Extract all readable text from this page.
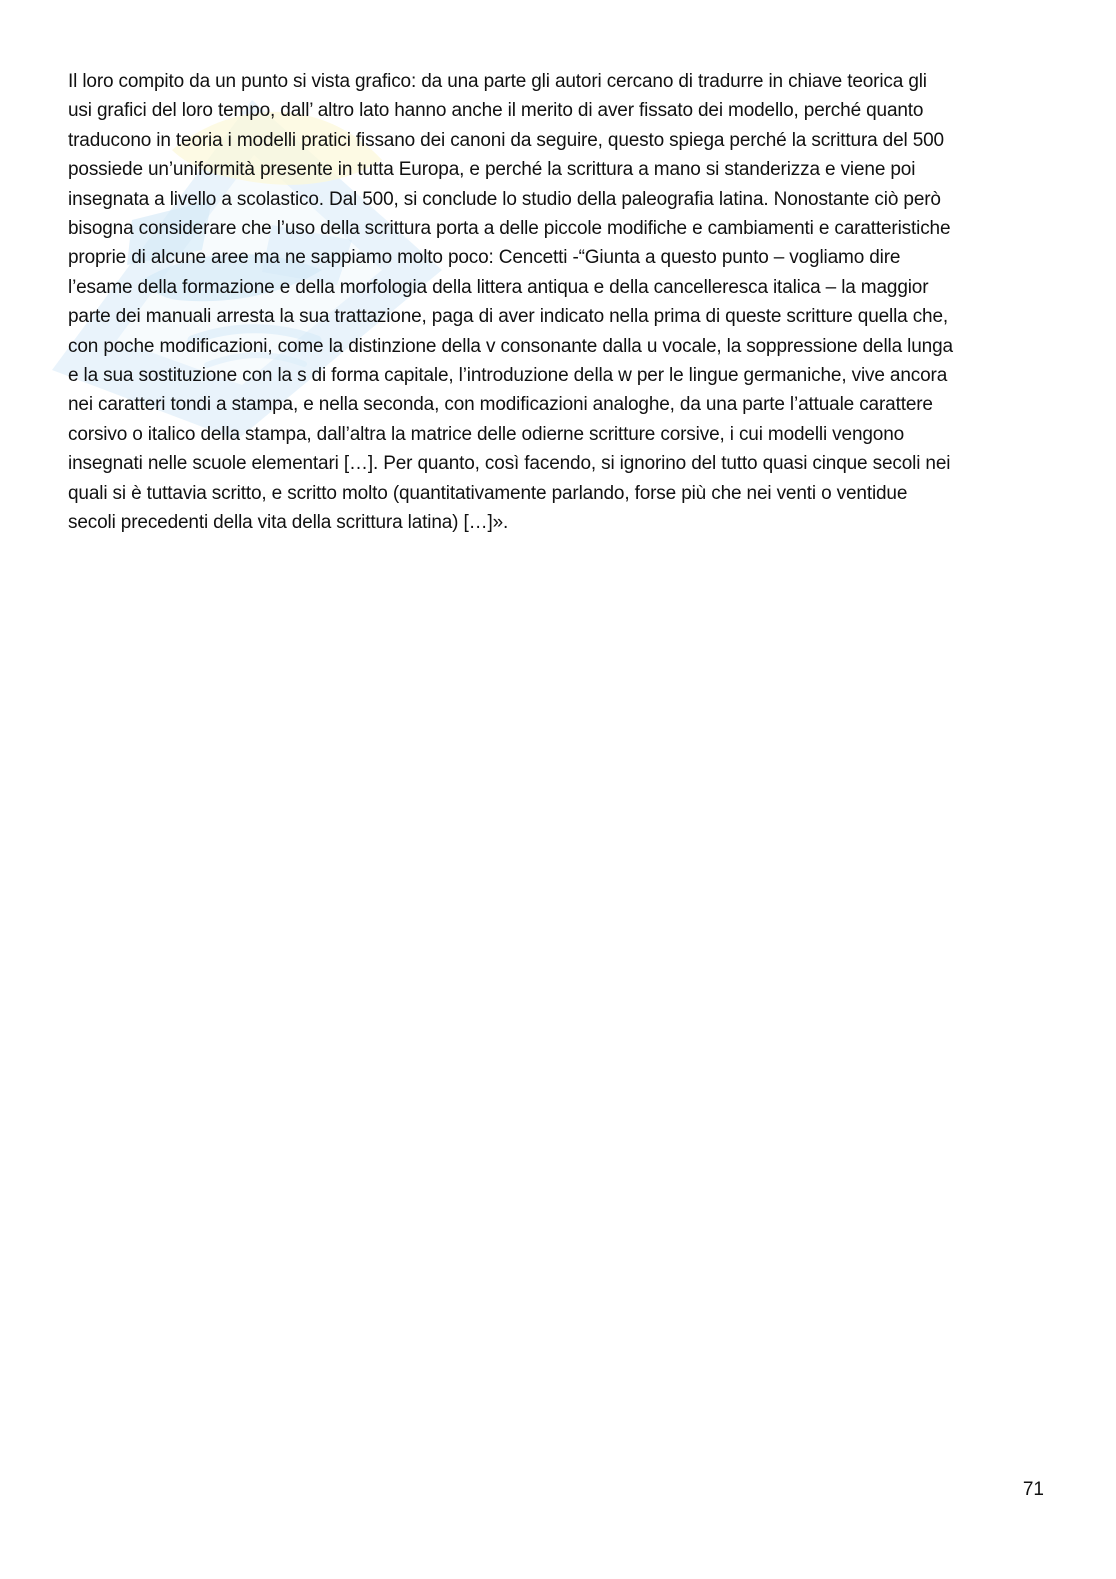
Il loro compito da un punto si vista grafico: da una parte gli autori cercano di tradurre in chiave teorica gli
usi grafici del loro tempo, dall’ altro lato hanno anche il merito di aver fissato dei modello, perché quanto
traducono in teoria i modelli pratici fissano dei canoni da seguire, questo spiega perché la scrittura del 500
possiede un’uniformità presente in tutta Europa, e perché la scrittura a mano si standerizza e viene poi
insegnata a livello a scolastico. Dal 500, si conclude lo studio della paleografia latina. Nonostante ciò però
bisogna considerare che l’uso della scrittura porta a delle piccole modifiche e cambiamenti e caratteristiche
proprie di alcune aree ma ne sappiamo molto poco: Cencetti -“Giunta a questo punto – vogliamo dire
l’esame della formazione e della morfologia della littera antiqua e della cancelleresca italica – la maggior
parte dei manuali arresta la sua trattazione, paga di aver indicato nella prima di queste scritture quella che,
con poche modificazioni, come la distinzione della v consonante dalla u vocale, la soppressione della lunga
e la sua sostituzione con la s di forma capitale, l’introduzione della w per le lingue germaniche, vive ancora
nei caratteri tondi a stampa, e nella seconda, con modificazioni analoghe, da una parte l’attuale carattere
corsivo o italico della stampa, dall’altra la matrice delle odierne scritture corsive, i cui modelli vengono
insegnati nelle scuole elementari […]. Per quanto, così facendo, si ignorino del tutto quasi cinque secoli nei
quali si è tuttavia scritto, e scritto molto (quantitativamente parlando, forse più che nei venti o ventidue
secoli precedenti della vita della scrittura latina) […]».
71
